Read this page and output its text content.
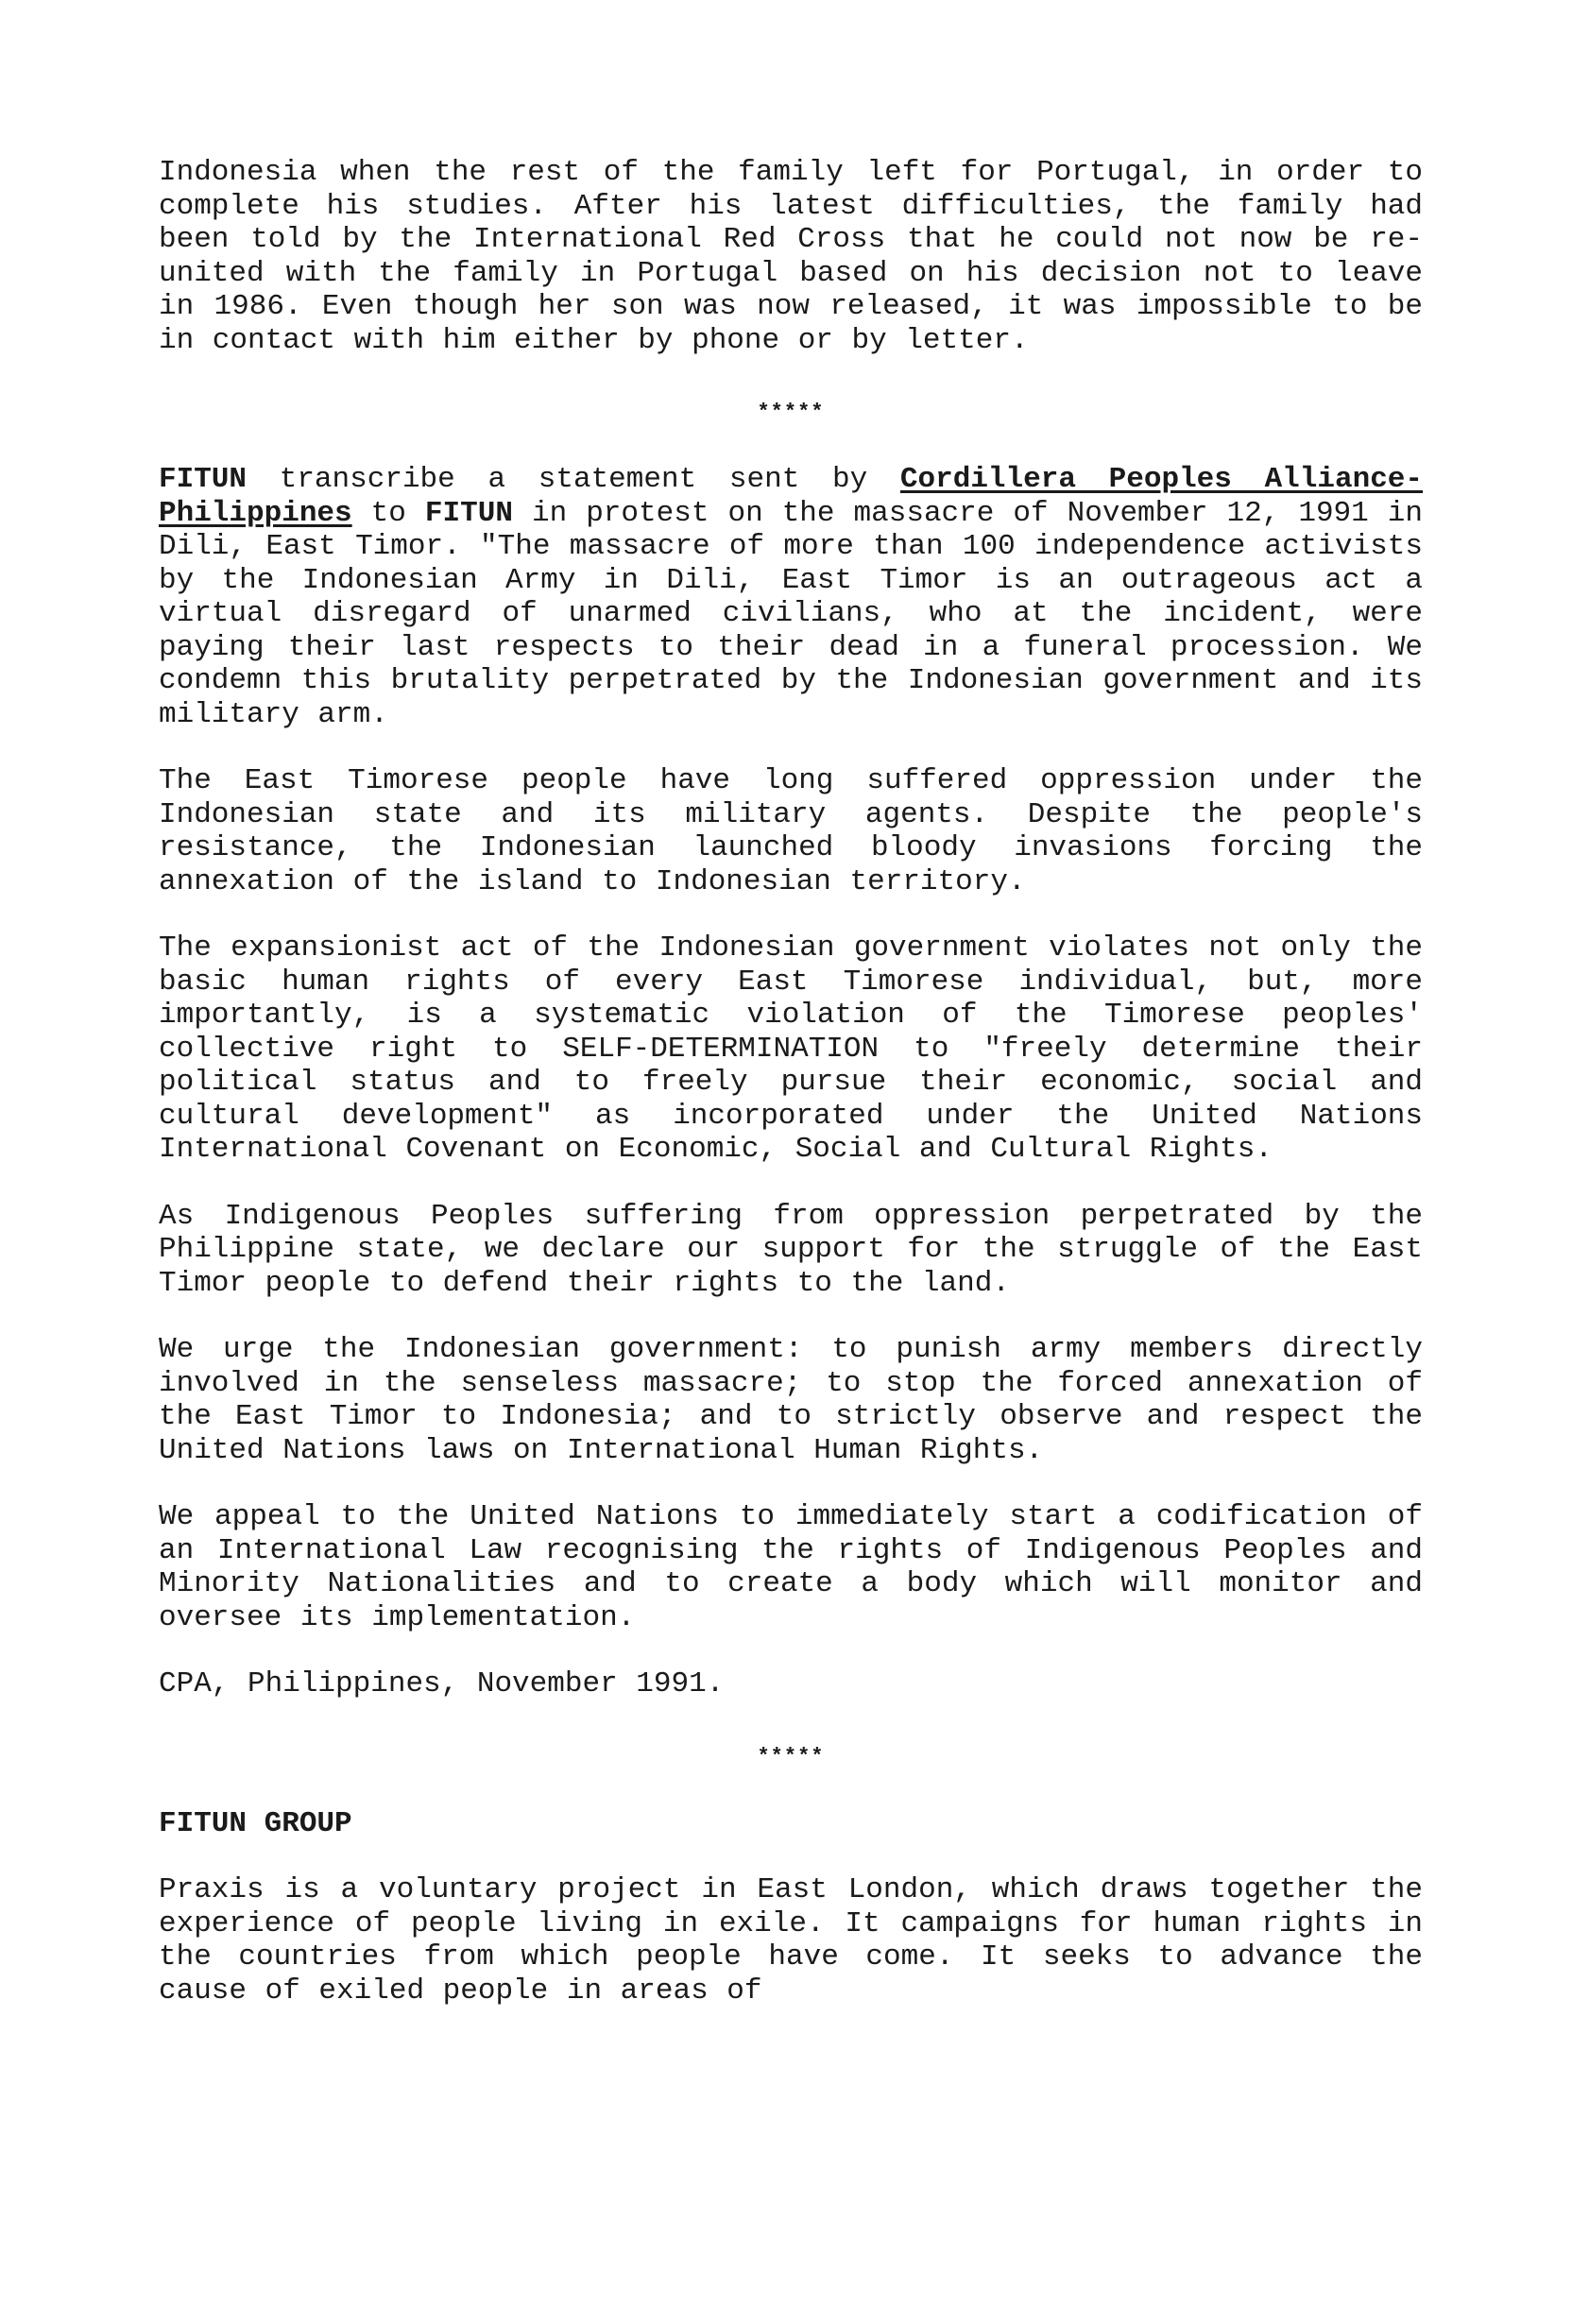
Indonesia when the rest of the family left for Portugal, in order to complete his studies. After his latest difficulties, the family had been told by the International Red Cross that he could not now be re-united with the family in Portugal based on his decision not to leave in 1986. Even though her son was now released, it was impossible to be in contact with him either by phone or by letter.

*****

FITUN transcribe a statement sent by Cordillera Peoples Alliance-Philippines to FITUN in protest on the massacre of November 12, 1991 in Dili, East Timor. "The massacre of more than 100 independence activists by the Indonesian Army in Dili, East Timor is an outrageous act a virtual disregard of unarmed civilians, who at the incident, were paying their last respects to their dead in a funeral procession. We condemn this brutality perpetrated by the Indonesian government and its military arm.

The East Timorese people have long suffered oppression under the Indonesian state and its military agents. Despite the people's resistance, the Indonesian launched bloody invasions forcing the annexation of the island to Indonesian territory.

The expansionist act of the Indonesian government violates not only the basic human rights of every East Timorese individual, but, more importantly, is a systematic violation of the Timorese peoples' collective right to SELF-DETERMINATION to "freely determine their political status and to freely pursue their economic, social and cultural development" as incorporated under the United Nations International Covenant on Economic, Social and Cultural Rights.

As Indigenous Peoples suffering from oppression perpetrated by the Philippine state, we declare our support for the struggle of the East Timor people to defend their rights to the land.

We urge the Indonesian government: to punish army members directly involved in the senseless massacre; to stop the forced annexation of the East Timor to Indonesia; and to strictly observe and respect the United Nations laws on International Human Rights.

We appeal to the United Nations to immediately start a codification of an International Law recognising the rights of Indigenous Peoples and Minority Nationalities and to create a body which will monitor and oversee its implementation.

CPA, Philippines, November 1991.

*****
FITUN GROUP

Praxis is a voluntary project in East London, which draws together the experience of people living in exile. It campaigns for human rights in the countries from which people have come. It seeks to advance the cause of exiled people in areas of
